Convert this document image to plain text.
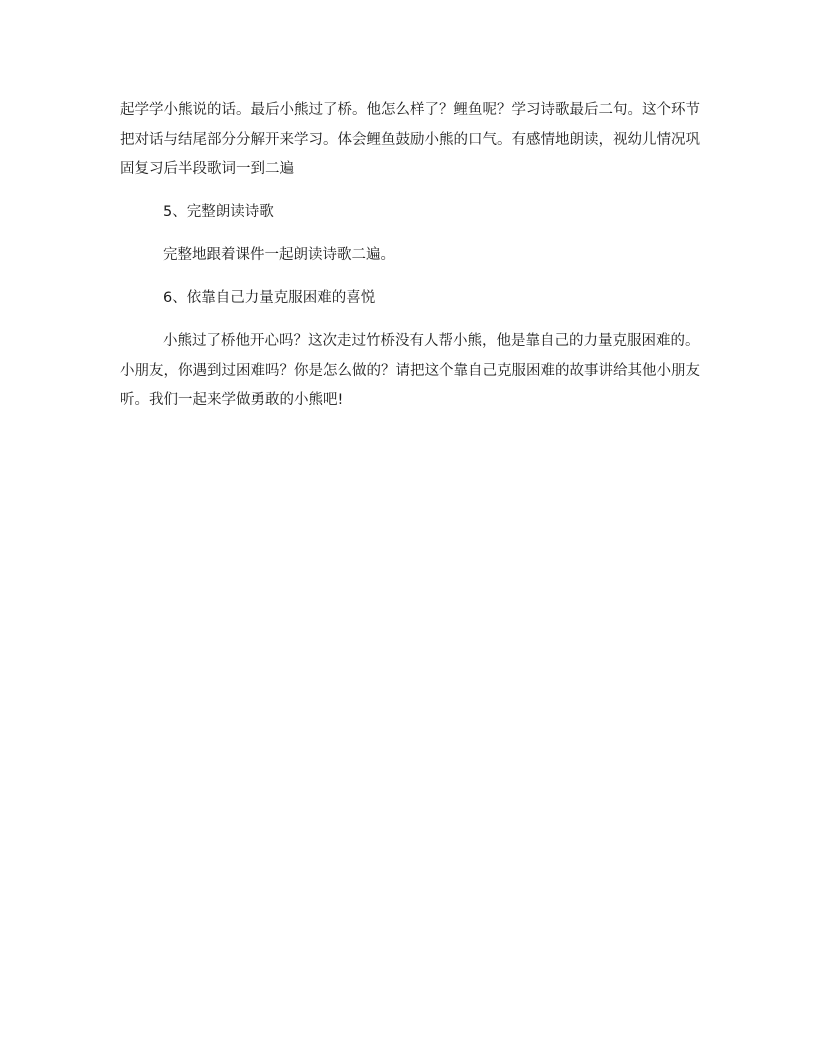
起学学小熊说的话。最后小熊过了桥。他怎么样了？鲤鱼呢？学习诗歌最后二句。这个环节把对话与结尾部分分解开来学习。体会鲤鱼鼓励小熊的口气。有感情地朗读，视幼儿情况巩固复习后半段歌词一到二遍

5、完整朗读诗歌

完整地跟着课件一起朗读诗歌二遍。

6、依靠自己力量克服困难的喜悦

小熊过了桥他开心吗？这次走过竹桥没有人帮小熊，他是靠自己的力量克服困难的。小朋友，你遇到过困难吗？你是怎么做的？请把这个靠自己克服困难的故事讲给其他小朋友听。我们一起来学做勇敢的小熊吧!
